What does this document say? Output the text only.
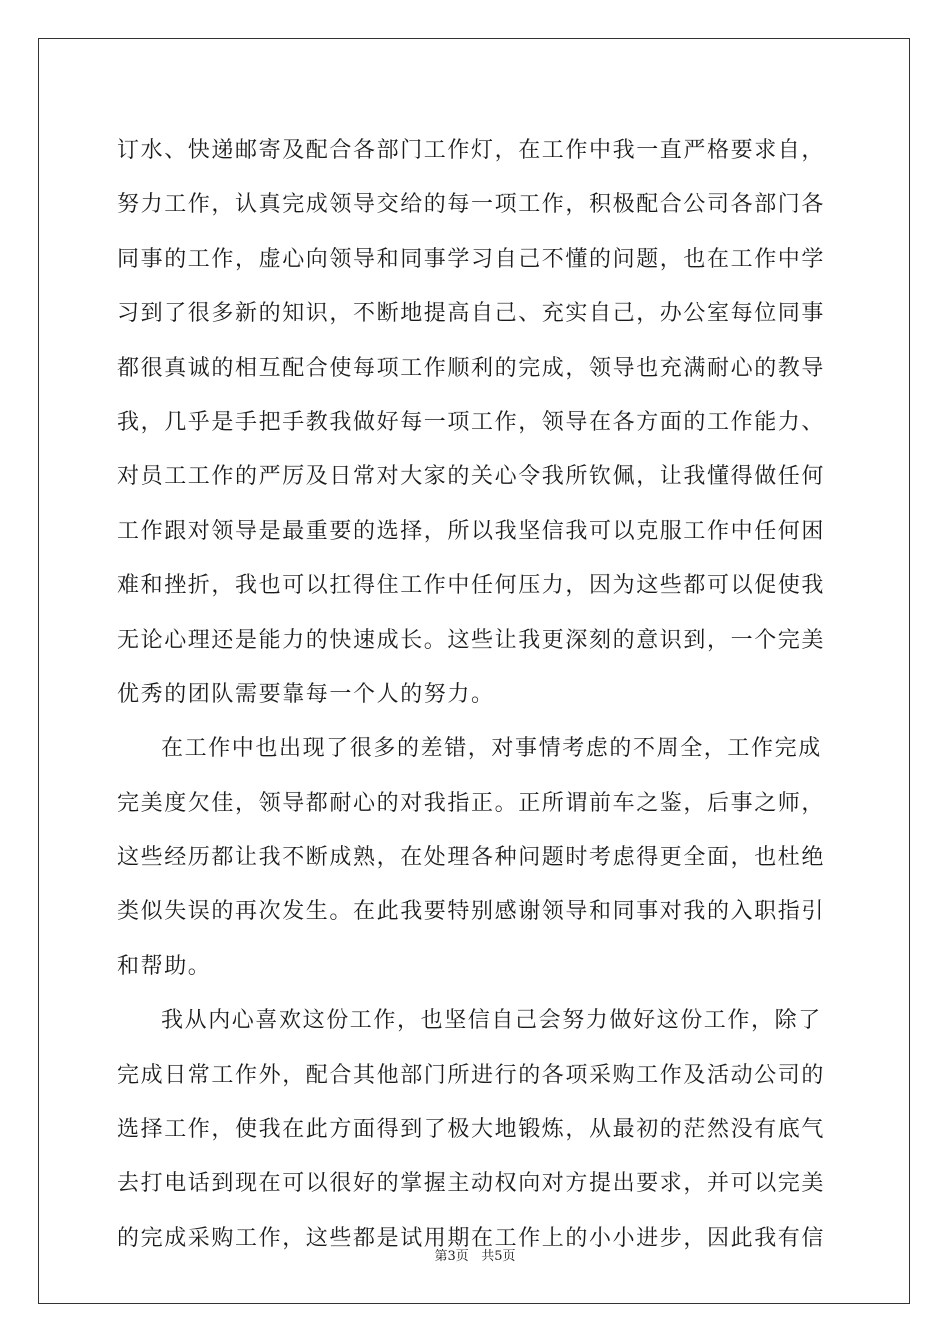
订水、快递邮寄及配合各部门工作灯，在工作中我一直严格要求自，
努力工作，认真完成领导交给的每一项工作，积极配合公司各部门各
同事的工作，虚心向领导和同事学习自己不懂的问题，也在工作中学
习到了很多新的知识，不断地提高自己、充实自己，办公室每位同事
都很真诚的相互配合使每项工作顺利的完成，领导也充满耐心的教导
我，几乎是手把手教我做好每一项工作，领导在各方面的工作能力、
对员工工作的严厉及日常对大家的关心令我所钦佩，让我懂得做任何
工作跟对领导是最重要的选择，所以我坚信我可以克服工作中任何困
难和挫折，我也可以扛得住工作中任何压力，因为这些都可以促使我
无论心理还是能力的快速成长。这些让我更深刻的意识到，一个完美
优秀的团队需要靠每一个人的努力。
在工作中也出现了很多的差错，对事情考虑的不周全，工作完成
完美度欠佳，领导都耐心的对我指正。正所谓前车之鉴，后事之师，
这些经历都让我不断成熟，在处理各种问题时考虑得更全面，也杜绝
类似失误的再次发生。在此我要特别感谢领导和同事对我的入职指引
和帮助。
我从内心喜欢这份工作，也坚信自己会努力做好这份工作，除了
完成日常工作外，配合其他部门所进行的各项采购工作及活动公司的
选择工作，使我在此方面得到了极大地锻炼，从最初的茫然没有底气
去打电话到现在可以很好的掌握主动权向对方提出要求，并可以完美
的完成采购工作，这些都是试用期在工作上的小小进步，因此我有信
第3页 共5页
